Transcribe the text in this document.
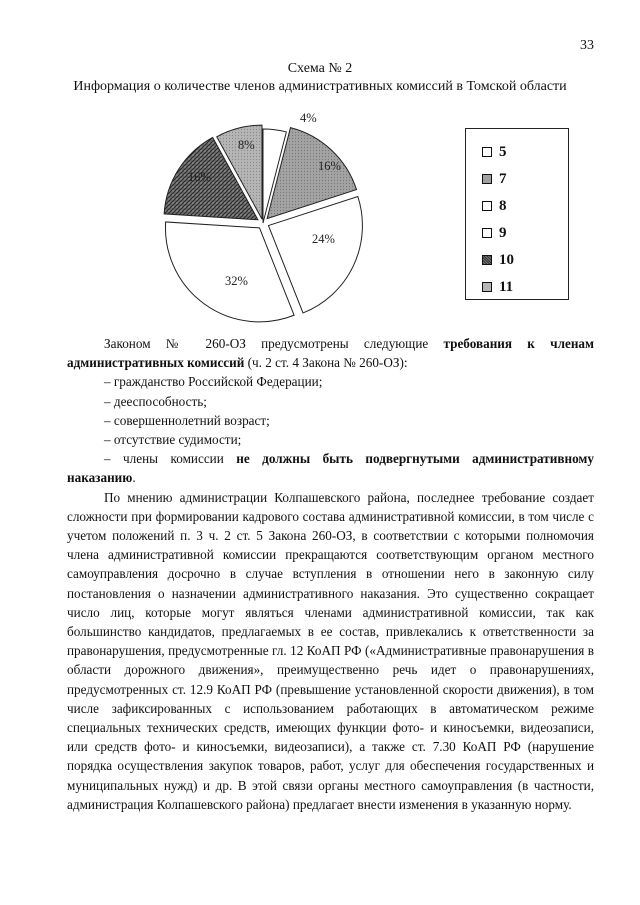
33
Схема № 2
Информация о количестве членов административных комиссий в Томской области
4%
16%
24%
32%
16%
8%	5
7
8
9
10
11

Законом № 260-ОЗ предусмотрены следующие требования к членам административных комиссий (ч. 2 ст. 4 Закона № 260-ОЗ):

– гражданство Российской Федерации;

– дееспособность;

– совершеннолетний возраст;

– отсутствие судимости;

– члены комиссии не должны быть подвергнутыми административному наказанию.

По мнению администрации Колпашевского района, последнее требование создает сложности при формировании кадрового состава административной комиссии, в том числе с учетом положений п. 3 ч. 2 ст. 5 Закона 260-ОЗ, в соответствии с которыми полномочия члена административной комиссии прекращаются соответствующим органом местного самоуправления досрочно в случае вступления в отношении него в законную силу постановления о назначении административного наказания. Это существенно сокращает число лиц, которые могут являться членами административной комиссии, так как большинство кандидатов, предлагаемых в ее состав, привлекались к ответственности за правонарушения, предусмотренные гл. 12 КоАП РФ («Административные правонарушения в области дорожного движения», преимущественно речь идет о правонарушениях, предусмотренных ст. 12.9 КоАП РФ (превышение установленной скорости движения), в том числе зафиксированных с использованием работающих в автоматическом режиме специальных технических средств, имеющих функции фото- и киносъемки, видеозаписи, или средств фото- и киносъемки, видеозаписи), а также ст. 7.30 КоАП РФ (нарушение порядка осуществления закупок товаров, работ, услуг для обеспечения государственных и муниципальных нужд) и др. В этой связи органы местного самоуправления (в частности, администрация Колпашевского района) предлагает внести изменения в указанную норму.
